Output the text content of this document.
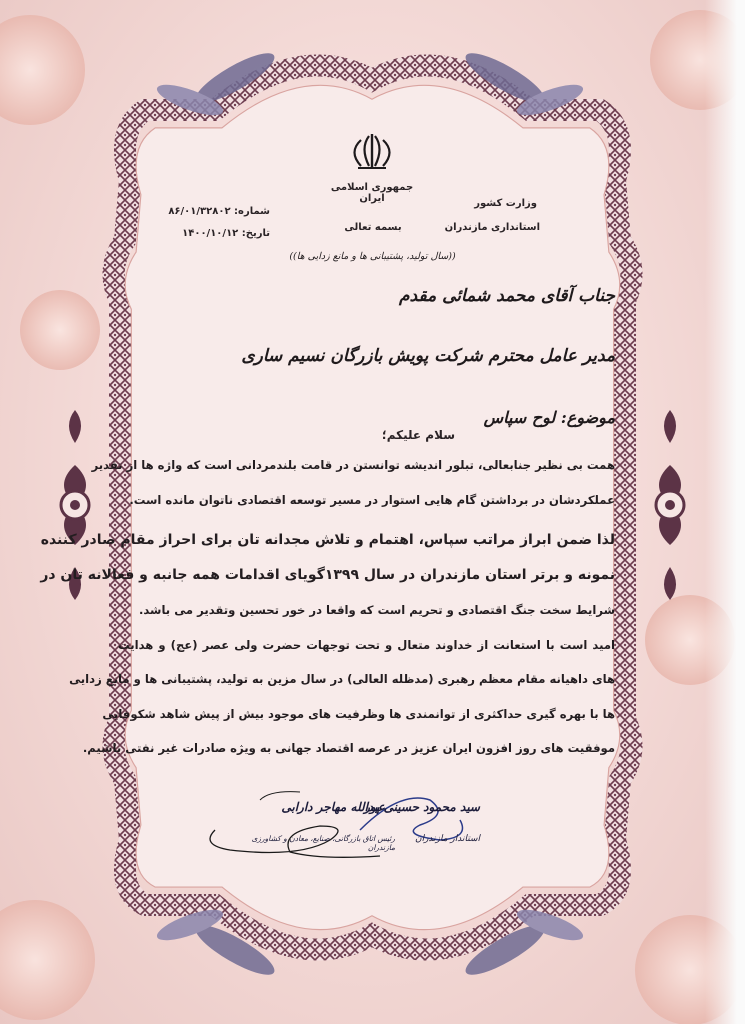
جمهوری اسلامی ایران
بسمه تعالی
وزارت کشور
استانداری مازندران
شماره: ۸۶/۰۱/۳۲۸۰۲
تاریخ: ۱۴۰۰/۱۰/۱۲
((سال تولید، پشتیبانی ها و مانع زدایی ها))
جناب آقای محمد شمائی مقدم
مدیر عامل محترم شرکت پویش بازرگان نسیم ساری
موضوع: لوح سپاس
سلام علیکم؛
همت بی نظیر جنابعالی، تبلور اندیشه توانستن در قامت بلندمردانی است که واژه ها از تقدیر
عملکردشان در برداشتن گام هایی استوار در مسیر توسعه اقتصادی ناتوان مانده است.
لذا ضمن ابراز مراتب سپاس، اهتمام و تلاش مجدانه تان برای احراز مقام صادر کننده
نمونه و برتر استان مازندران در سال ۱۳۹۹گویای اقدامات همه جانبه و فعالانه تان در
شرایط سخت جنگ اقتصادی و تحریم است که واقعا در خور تحسین وتقدیر می باشد.
امید است با استعانت از خداوند متعال و تحت توجهات حضرت ولی عصر (عج) و هدایت
های داهیانه مقام معظم رهبری (مدظله العالی) در سال مزین به تولید، پشتیبانی ها و مانع زدایی
ها با بهره گیری حداکثری از توانمندی ها وظرفیت های موجود بیش از پیش شاهد شکوفایی
موفقیت های روز افزون ایران عزیز در عرصه اقتصاد جهانی به ویژه صادرات غیر نفتی باشیم.
سید محمود حسینی پور
استاندار مازندران
عبدالله مهاجر دارابی
رئیس اتاق بازرگانی، صنایع، معادن و کشاورزی مازندران
